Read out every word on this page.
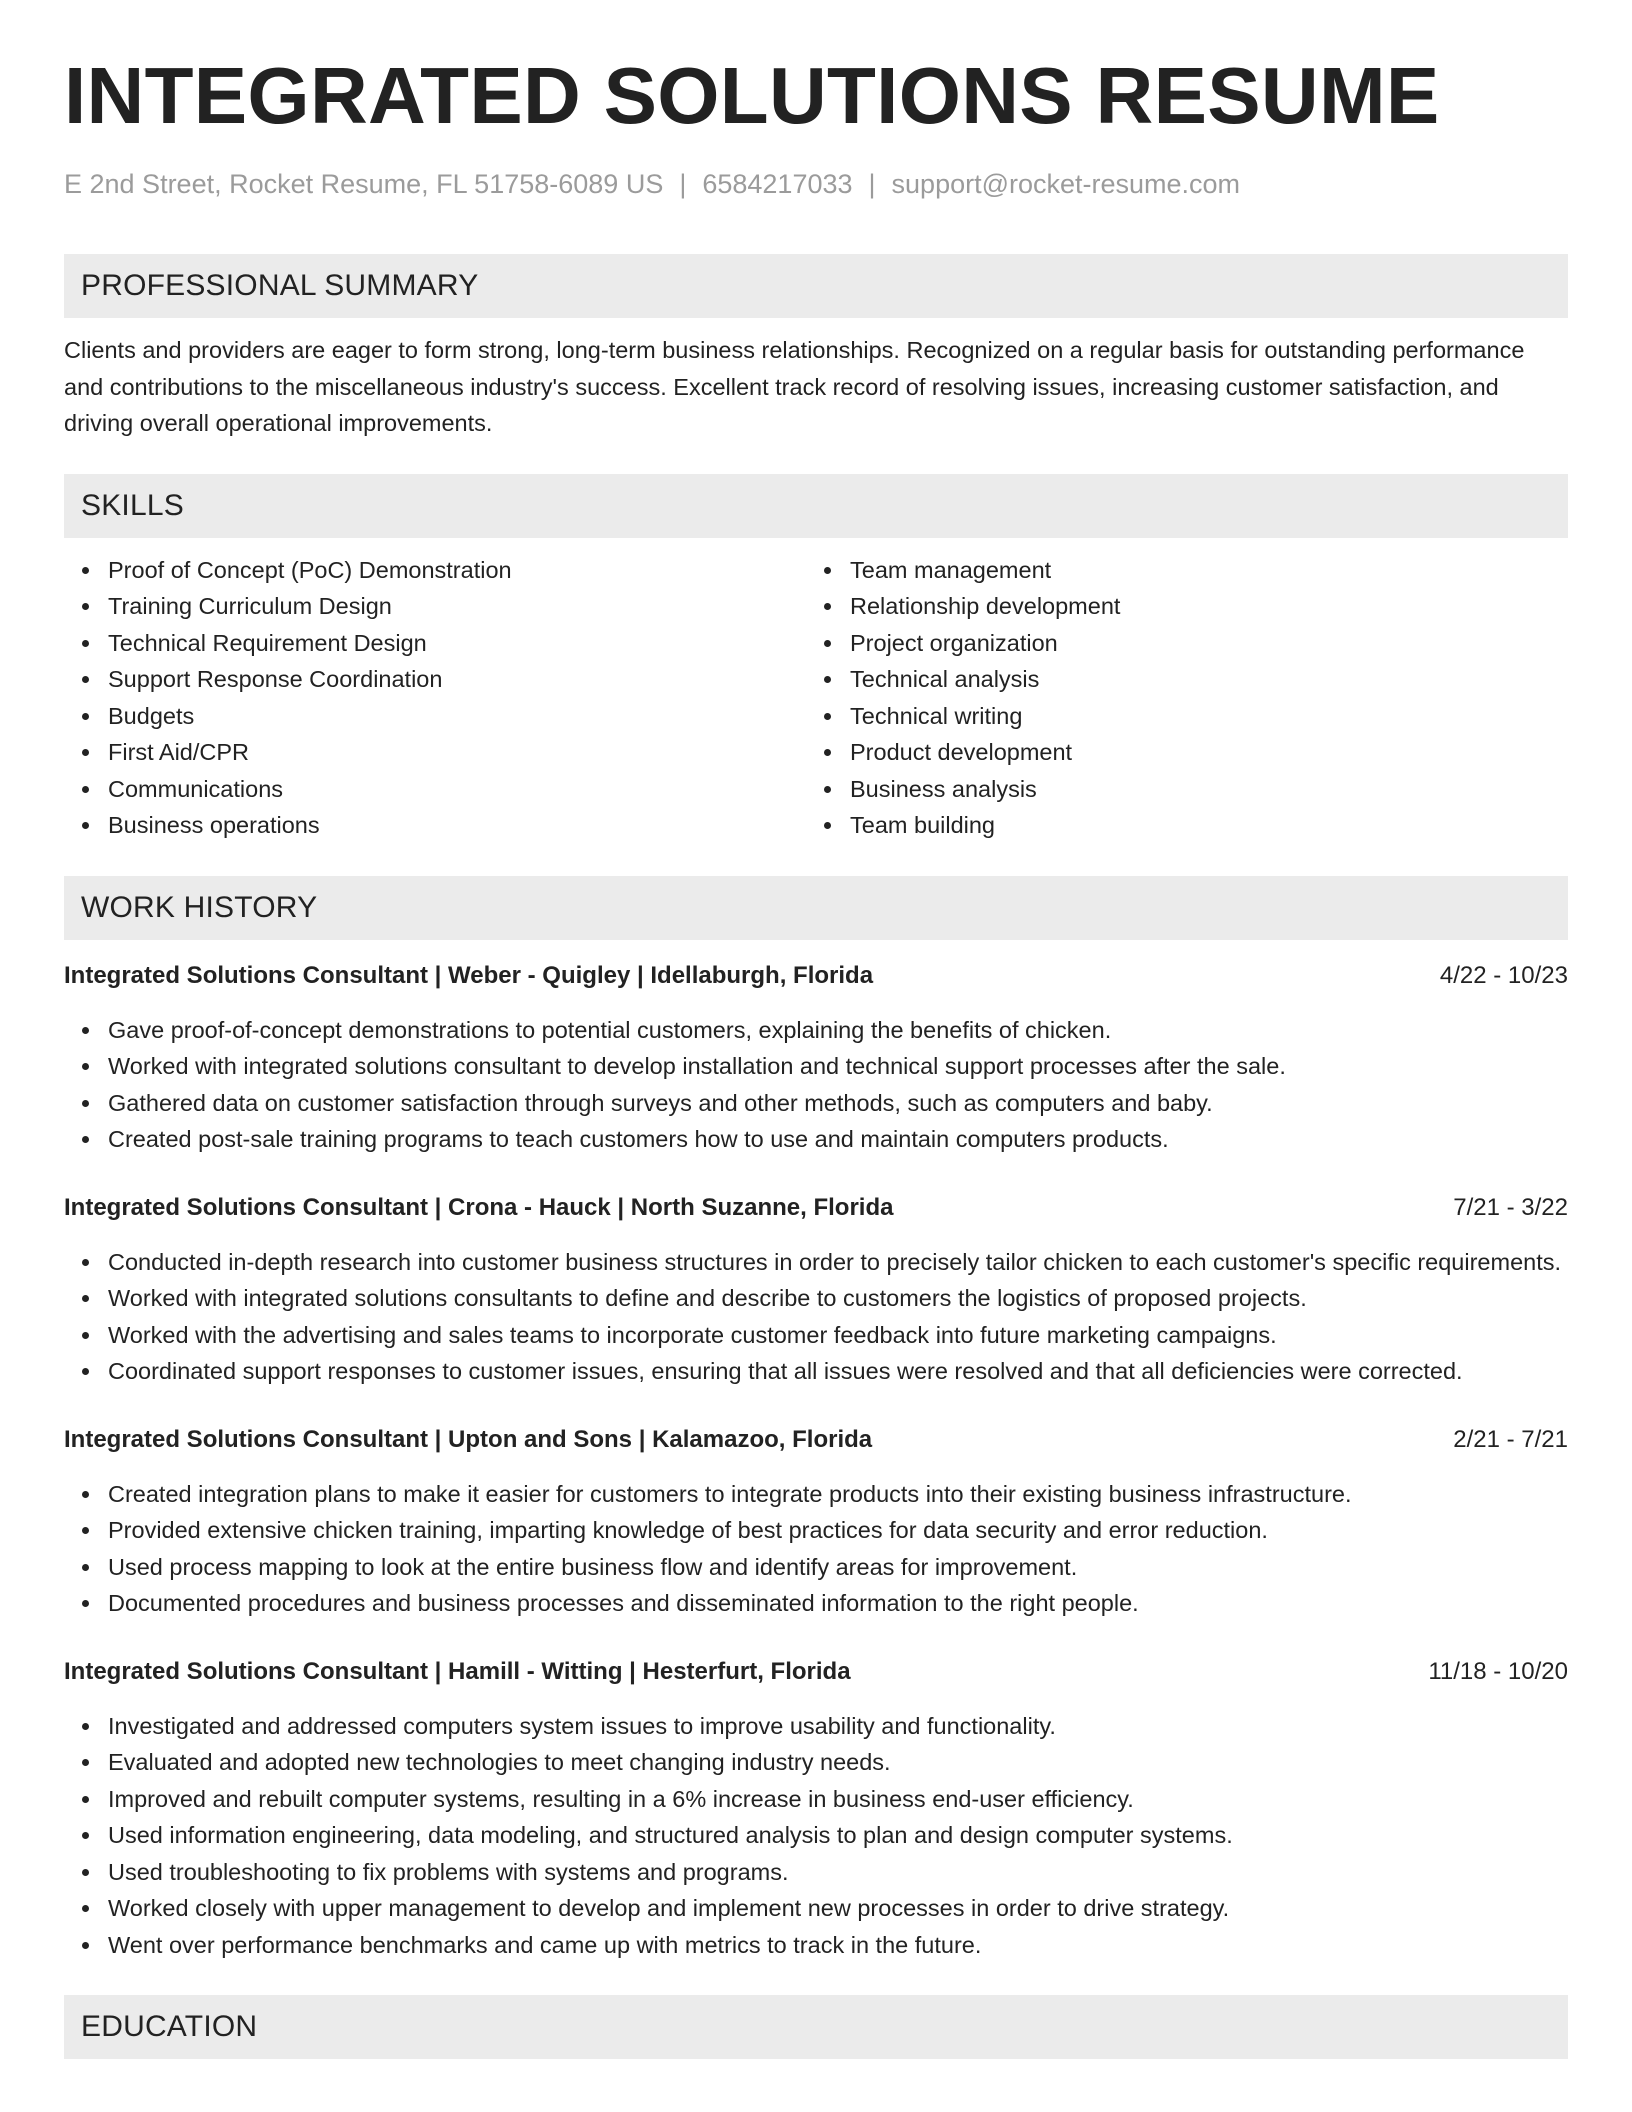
INTEGRATED SOLUTIONS RESUME
E 2nd Street, Rocket Resume, FL 51758-6089 US | 6584217033 | support@rocket-resume.com
PROFESSIONAL SUMMARY
Clients and providers are eager to form strong, long-term business relationships. Recognized on a regular basis for outstanding performance and contributions to the miscellaneous industry's success. Excellent track record of resolving issues, increasing customer satisfaction, and driving overall operational improvements.
SKILLS
Proof of Concept (PoC) Demonstration
Training Curriculum Design
Technical Requirement Design
Support Response Coordination
Budgets
First Aid/CPR
Communications
Business operations
Team management
Relationship development
Project organization
Technical analysis
Technical writing
Product development
Business analysis
Team building
WORK HISTORY
Integrated Solutions Consultant | Weber - Quigley | Idellaburgh, Florida	4/22 - 10/23
Gave proof-of-concept demonstrations to potential customers, explaining the benefits of chicken.
Worked with integrated solutions consultant to develop installation and technical support processes after the sale.
Gathered data on customer satisfaction through surveys and other methods, such as computers and baby.
Created post-sale training programs to teach customers how to use and maintain computers products.
Integrated Solutions Consultant | Crona - Hauck | North Suzanne, Florida	7/21 - 3/22
Conducted in-depth research into customer business structures in order to precisely tailor chicken to each customer's specific requirements.
Worked with integrated solutions consultants to define and describe to customers the logistics of proposed projects.
Worked with the advertising and sales teams to incorporate customer feedback into future marketing campaigns.
Coordinated support responses to customer issues, ensuring that all issues were resolved and that all deficiencies were corrected.
Integrated Solutions Consultant | Upton and Sons | Kalamazoo, Florida	2/21 - 7/21
Created integration plans to make it easier for customers to integrate products into their existing business infrastructure.
Provided extensive chicken training, imparting knowledge of best practices for data security and error reduction.
Used process mapping to look at the entire business flow and identify areas for improvement.
Documented procedures and business processes and disseminated information to the right people.
Integrated Solutions Consultant | Hamill - Witting | Hesterfurt, Florida	11/18 - 10/20
Investigated and addressed computers system issues to improve usability and functionality.
Evaluated and adopted new technologies to meet changing industry needs.
Improved and rebuilt computer systems, resulting in a 6% increase in business end-user efficiency.
Used information engineering, data modeling, and structured analysis to plan and design computer systems.
Used troubleshooting to fix problems with systems and programs.
Worked closely with upper management to develop and implement new processes in order to drive strategy.
Went over performance benchmarks and came up with metrics to track in the future.
EDUCATION
